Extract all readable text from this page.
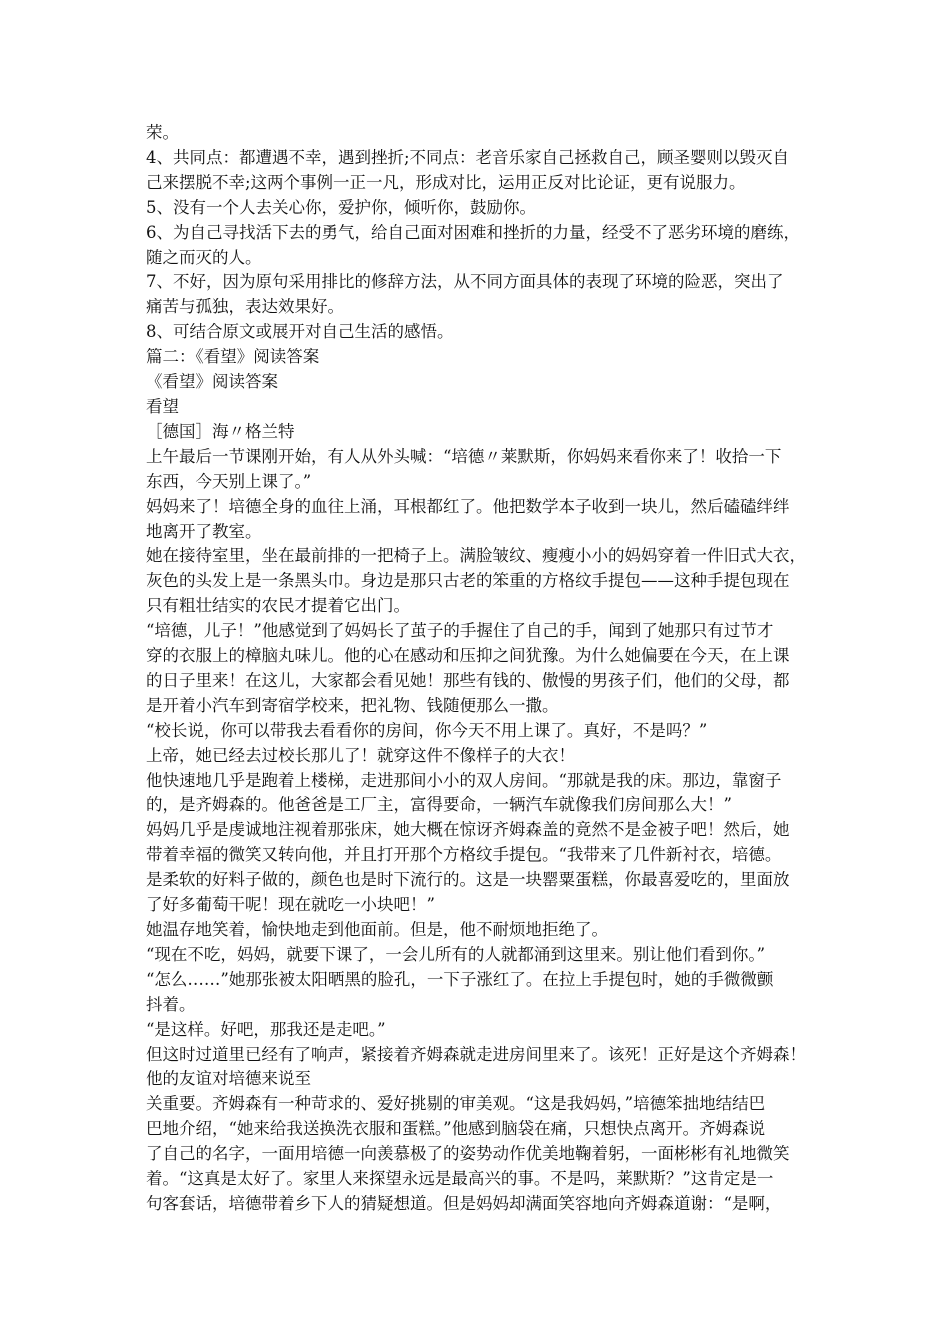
荣。
4、共同点：都遭遇不幸，遇到挫折;不同点：老音乐家自己拯救自己，顾圣婴则以毁灭自
己来摆脱不幸;这两个事例一正一凡，形成对比，运用正反对比论证，更有说服力。
5、没有一个人去关心你，爱护你，倾听你，鼓励你。
6、为自己寻找活下去的勇气，给自己面对困难和挫折的力量，经受不了恶劣环境的磨练，
随之而灭的人。
7、不好，因为原句采用排比的修辞方法，从不同方面具体的表现了环境的险恶，突出了
痛苦与孤独，表达效果好。
8、可结合原文或展开对自己生活的感悟。
篇二：《看望》阅读答案
《看望》阅读答案
看望
［德国］海〃格兰特
上午最后一节课刚开始，有人从外头喊：“培德〃莱默斯，你妈妈来看你来了！收拾一下
东西，今天别上课了。”
妈妈来了！培德全身的血往上涌，耳根都红了。他把数学本子收到一块儿，然后磕磕绊绊
地离开了教室。
她在接待室里，坐在最前排的一把椅子上。满脸皱纹、瘦瘦小小的妈妈穿着一件旧式大衣，
灰色的头发上是一条黑头巾。身边是那只古老的笨重的方格纹手提包——这种手提包现在
只有粗壮结实的农民才提着它出门。
“培德，儿子！”他感觉到了妈妈长了茧子的手握住了自己的手，闻到了她那只有过节才
穿的衣服上的樟脑丸味儿。他的心在感动和压抑之间犹豫。为什么她偏要在今天，在上课
的日子里来！在这儿，大家都会看见她！那些有钱的、傲慢的男孩子们，他们的父母，都
是开着小汽车到寄宿学校来，把礼物、钱随便那么一撒。
“校长说，你可以带我去看看你的房间，你今天不用上课了。真好，不是吗？”
上帝，她已经去过校长那儿了！就穿这件不像样子的大衣！
他快速地几乎是跑着上楼梯，走进那间小小的双人房间。“那就是我的床。那边，靠窗子
的，是齐姆森的。他爸爸是工厂主，富得要命，一辆汽车就像我们房间那么大！”
妈妈几乎是虔诚地注视着那张床，她大概在惊讶齐姆森盖的竟然不是金被子吧！然后，她
带着幸福的微笑又转向他，并且打开那个方格纹手提包。“我带来了几件新衬衣，培德。
是柔软的好料子做的，颜色也是时下流行的。这是一块罂粟蛋糕，你最喜爱吃的，里面放
了好多葡萄干呢！现在就吃一小块吧！”
她温存地笑着，愉快地走到他面前。但是，他不耐烦地拒绝了。
“现在不吃，妈妈，就要下课了，一会儿所有的人就都涌到这里来。别让他们看到你。”
“怎么……”她那张被太阳晒黑的脸孔，一下子涨红了。在拉上手提包时，她的手微微颤
抖着。
“是这样。好吧，那我还是走吧。”
但这时过道里已经有了响声，紧接着齐姆森就走进房间里来了。该死！正好是这个齐姆森！
他的友谊对培德来说至
关重要。齐姆森有一种苛求的、爱好挑剔的审美观。“这是我妈妈，”培德笨拙地结结巴
巴地介绍，“她来给我送换洗衣服和蛋糕。”他感到脑袋在痛，只想快点离开。齐姆森说
了自己的名字，一面用培德一向羡慕极了的姿势动作优美地鞠着躬，一面彬彬有礼地微笑
着。“这真是太好了。家里人来探望永远是最高兴的事。不是吗，莱默斯？”这肯定是一
句客套话，培德带着乡下人的猜疑想道。但是妈妈却满面笑容地向齐姆森道谢：“是啊，
